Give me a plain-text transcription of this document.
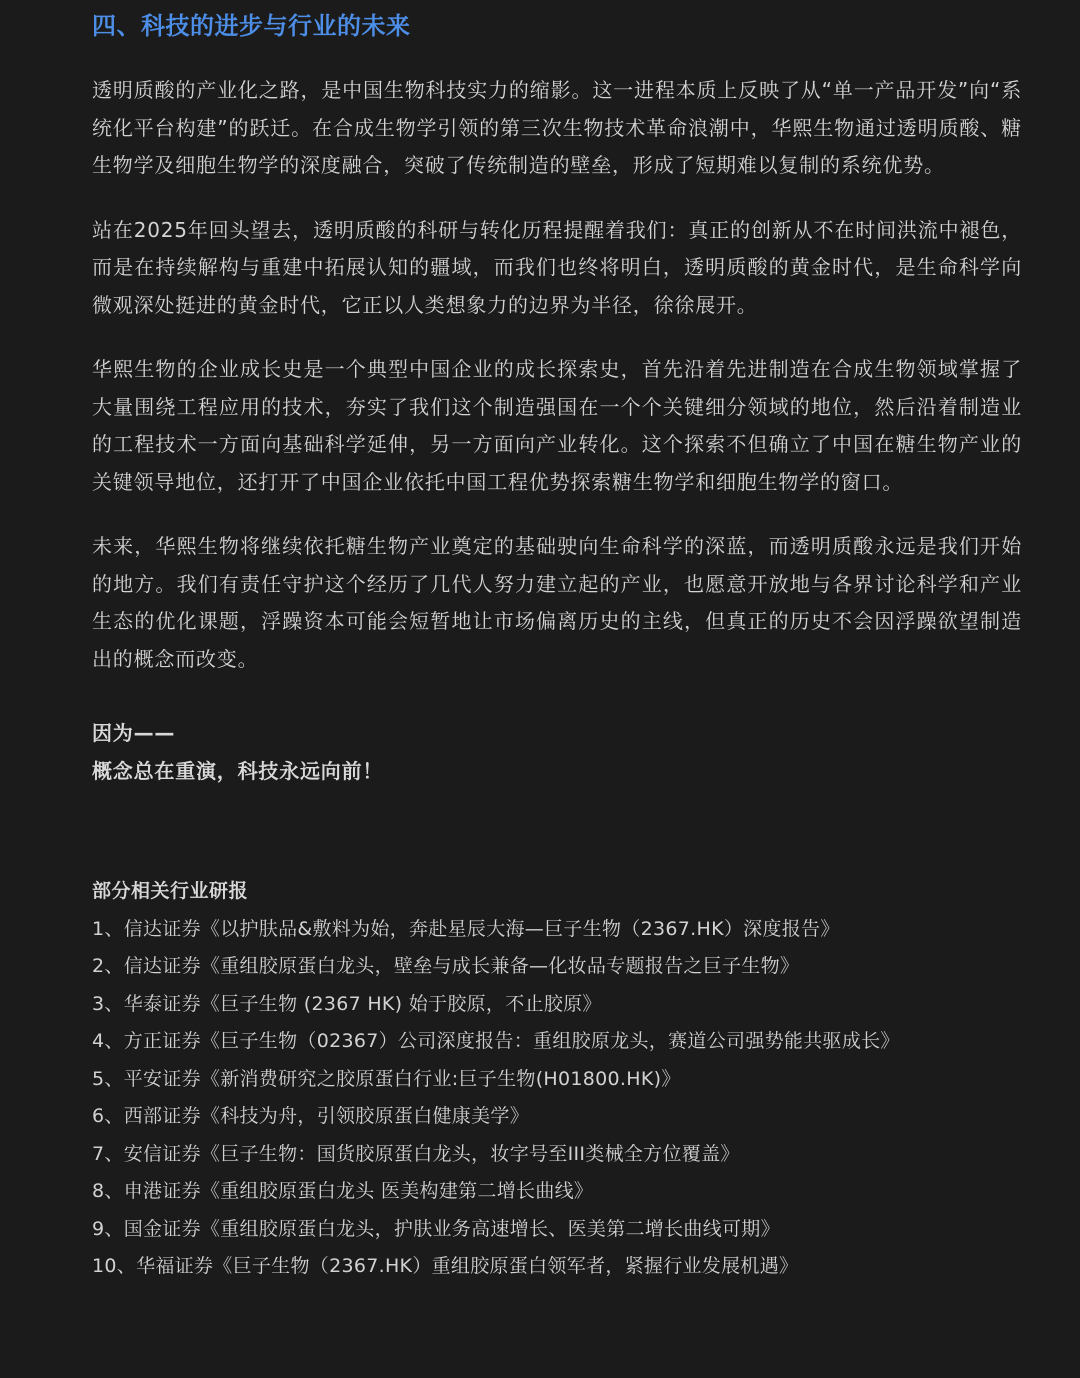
四、科技的进步与行业的未来

透明质酸的产业化之路，是中国生物科技实力的缩影。这一进程本质上反映了从“单一产品开发”向“系统化平台构建”的跃迁。在合成生物学引领的第三次生物技术革命浪潮中，华熙生物通过透明质酸、糖生物学及细胞生物学的深度融合，突破了传统制造的壁垒，形成了短期难以复制的系统优势。

站在2025年回头望去，透明质酸的科研与转化历程提醒着我们：真正的创新从不在时间洪流中褪色，而是在持续解构与重建中拓展认知的疆域，而我们也终将明白，透明质酸的黄金时代，是生命科学向微观深处挺进的黄金时代，它正以人类想象力的边界为半径，徐徐展开。

华熙生物的企业成长史是一个典型中国企业的成长探索史，首先沿着先进制造在合成生物领域掌握了大量围绕工程应用的技术，夯实了我们这个制造强国在一个个关键细分领域的地位，然后沿着制造业的工程技术一方面向基础科学延伸，另一方面向产业转化。这个探索不但确立了中国在糖生物产业的关键领导地位，还打开了中国企业依托中国工程优势探索糖生物学和细胞生物学的窗口。

未来，华熙生物将继续依托糖生物产业奠定的基础驶向生命科学的深蓝，而透明质酸永远是我们开始的地方。我们有责任守护这个经历了几代人努力建立起的产业，也愿意开放地与各界讨论科学和产业生态的优化课题，浮躁资本可能会短暂地让市场偏离历史的主线，但真正的历史不会因浮躁欲望制造出的概念而改变。

因为——
概念总在重演，科技永远向前！
部分相关行业研报
1、信达证券《以护肤品&敷料为始，奔赴星辰大海—巨子生物（2367.HK）深度报告》
2、信达证券《重组胶原蛋白龙头，壁垒与成长兼备—化妆品专题报告之巨子生物》
3、华泰证券《巨子生物 (2367 HK) 始于胶原，不止胶原》
4、方正证券《巨子生物（02367）公司深度报告：重组胶原龙头，赛道公司强势能共驱成长》
5、平安证券《新消费研究之胶原蛋白行业:巨子生物(H01800.HK)》
6、西部证券《科技为舟，引领胶原蛋白健康美学》
7、安信证券《巨子生物：国货胶原蛋白龙头，妆字号至III类械全方位覆盖》
8、申港证券《重组胶原蛋白龙头 医美构建第二增长曲线》
9、国金证券《重组胶原蛋白龙头，护肤业务高速增长、医美第二增长曲线可期》
10、华福证券《巨子生物（2367.HK）重组胶原蛋白领军者，紧握行业发展机遇》
